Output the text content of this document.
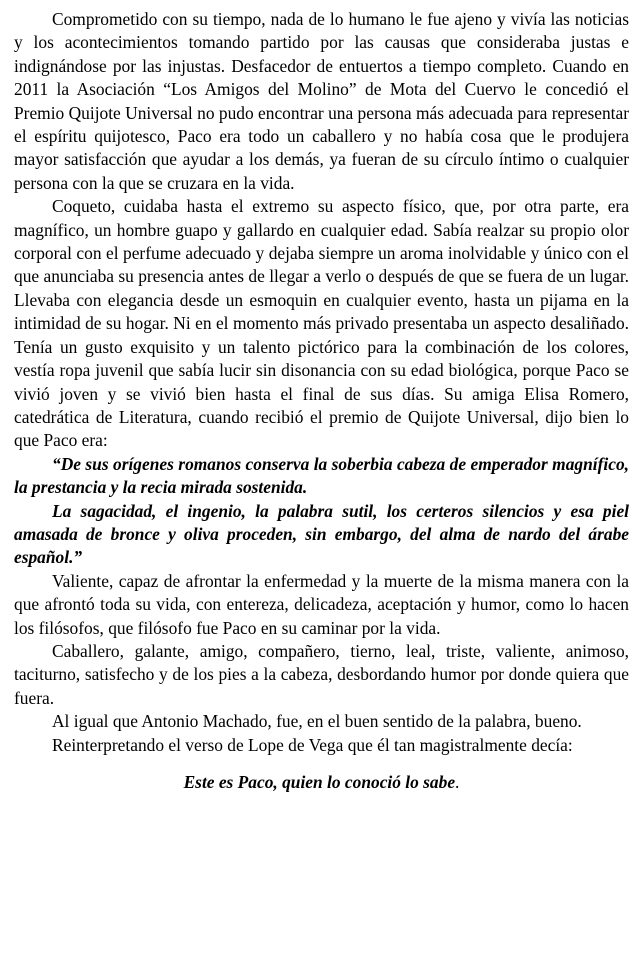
Comprometido con su tiempo, nada de lo humano le fue ajeno y vivía las noticias y los acontecimientos tomando partido por las causas que consideraba justas e indignándose por las injustas. Desfacedor de entuertos a tiempo completo. Cuando en 2011 la Asociación “Los Amigos del Molino” de Mota del Cuervo le concedió el Premio Quijote Universal no pudo encontrar una persona más adecuada para representar el espíritu quijotesco, Paco era todo un caballero y no había cosa que le produjera mayor satisfacción que ayudar a los demás, ya fueran de su círculo íntimo o cualquier persona con la que se cruzara en la vida.

Coqueto, cuidaba hasta el extremo su aspecto físico, que, por otra parte, era magnífico, un hombre guapo y gallardo en cualquier edad. Sabía realzar su propio olor corporal con el perfume adecuado y dejaba siempre un aroma inolvidable y único con el que anunciaba su presencia antes de llegar a verlo o después de que se fuera de un lugar. Llevaba con elegancia desde un esmoquin en cualquier evento, hasta un pijama en la intimidad de su hogar. Ni en el momento más privado presentaba un aspecto desaliñado. Tenía un gusto exquisito y un talento pictórico para la combinación de los colores, vestía ropa juvenil que sabía lucir sin disonancia con su edad biológica, porque Paco se vivió joven y se vivió bien hasta el final de sus días. Su amiga Elisa Romero, catedrática de Literatura, cuando recibió el premio de Quijote Universal, dijo bien lo que Paco era:

“De sus orígenes romanos conserva la soberbia cabeza de emperador magnífico, la prestancia y la recia mirada sostenida.

La sagacidad, el ingenio, la palabra sutil, los certeros silencios y esa piel amasada de bronce y oliva proceden, sin embargo, del alma de nardo del árabe español.”

Valiente, capaz de afrontar la enfermedad y la muerte de la misma manera con la que afrontó toda su vida, con entereza, delicadeza, aceptación y humor, como lo hacen los filósofos, que filósofo fue Paco en su caminar por la vida.

Caballero, galante, amigo, compañero, tierno, leal, triste, valiente, animoso, taciturno, satisfecho y de los pies a la cabeza, desbordando humor por donde quiera que fuera.

Al igual que Antonio Machado, fue, en el buen sentido de la palabra, bueno.

Reinterpretando el verso de Lope de Vega que él tan magistralmente decía:

Este es Paco, quien lo conoció lo sabe.
